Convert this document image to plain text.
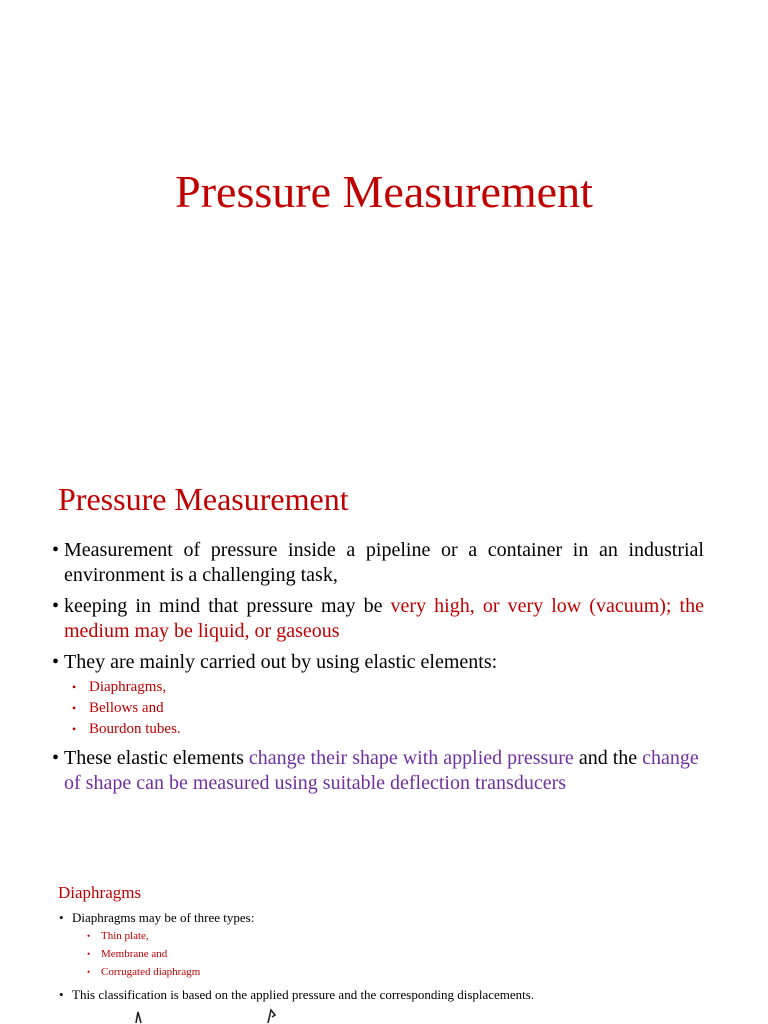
Pressure Measurement
Pressure Measurement
• Measurement of pressure inside a pipeline or a container in an industrial environment is a challenging task,
• keeping in mind that pressure may be very high, or very low (vacuum); the medium may be liquid, or gaseous
• They are mainly carried out by using elastic elements:
• Diaphragms,
• Bellows and
• Bourdon tubes.
• These elastic elements change their shape with applied pressure and the change of shape can be measured using suitable deflection transducers
Diaphragms
• Diaphragms may be of three types:
• Thin plate,
• Membrane and
• Corrugated diaphragm
• This classification is based on the applied pressure and the corresponding displacements.
